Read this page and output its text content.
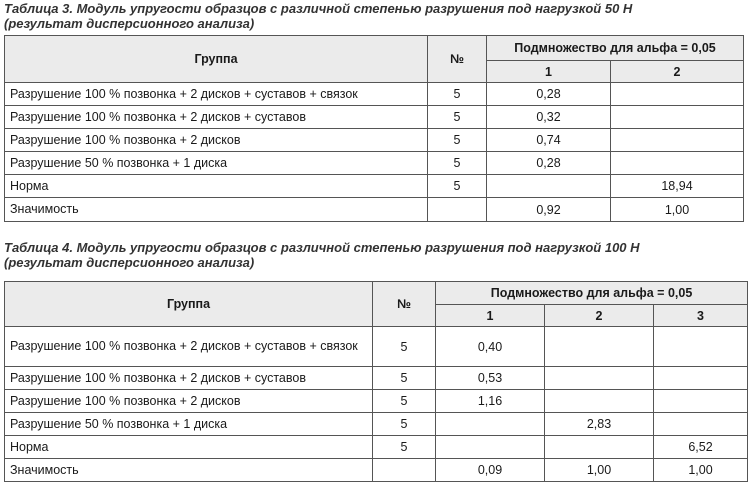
Таблица 3. Модуль упругости образцов с различной степенью разрушения под нагрузкой 50 Н
(результат дисперсионного анализа)
Группа	№	Подмножество для альфа = 0,05	
		1	2
Разрушение 100 % позвонка + 2 дисков + суставов + связок	5	0,28	
Разрушение 100 % позвонка + 2 дисков + суставов	5	0,32	
Разрушение 100 % позвонка + 2 дисков	5	0,74	
Разрушение 50 % позвонка + 1 диска	5	0,28	
Норма	5		18,94
Значимость		0,92	1,00
Таблица 4. Модуль упругости образцов с различной степенью разрушения под нагрузкой 100 Н
(результат дисперсионного анализа)
Группа	№	Подмножество для альфа = 0,05		
		1	2	3
Разрушение 100 % позвонка + 2 дисков + суставов + связок	5	0,40		
Разрушение 100 % позвонка + 2 дисков + суставов	5	0,53		
Разрушение 100 % позвонка + 2 дисков	5	1,16		
Разрушение 50 % позвонка + 1 диска	5		2,83	
Норма	5			6,52
Значимость		0,09	1,00	1,00
